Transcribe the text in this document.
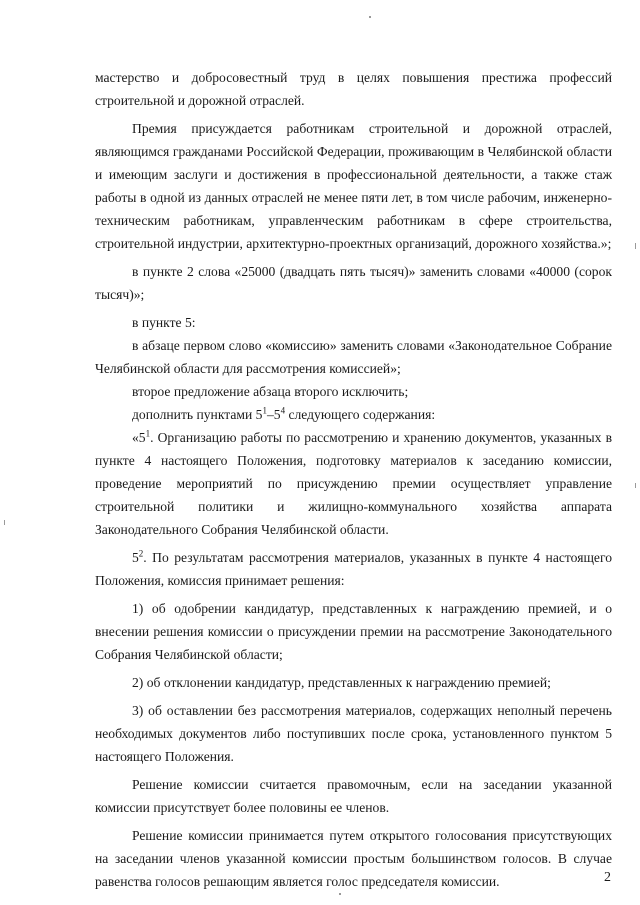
мастерство и добросовестный труд в целях повышения престижа профессий строительной и дорожной отраслей.

Премия присуждается работникам строительной и дорожной отраслей, являющимся гражданами Российской Федерации, проживающим в Челябинской области и имеющим заслуги и достижения в профессиональной деятельности, а также стаж работы в одной из данных отраслей не менее пяти лет, в том числе рабочим, инженерно-техническим работникам, управленческим работникам в сфере строительства, строительной индустрии, архитектурно-проектных организаций, дорожного хозяйства.»;

в пункте 2 слова «25000 (двадцать пять тысяч)» заменить словами «40000 (сорок тысяч)»;

в пункте 5:

в абзаце первом слово «комиссию» заменить словами «Законодательное Собрание Челябинской области для рассмотрения комиссией»;

второе предложение абзаца второго исключить;

дополнить пунктами $5^1-5^4$ следующего содержания:

«$5^1$. Организацию работы по рассмотрению и хранению документов, указанных в пункте 4 настоящего Положения, подготовку материалов к заседанию комиссии, проведение мероприятий по присуждению премии осуществляет управление строительной политики и жилищно-коммунального хозяйства аппарата Законодательного Собрания Челябинской области.

$5^2$. По результатам рассмотрения материалов, указанных в пункте 4 настоящего Положения, комиссия принимает решения:

1) об одобрении кандидатур, представленных к награждению премией, и о внесении решения комиссии о присуждении премии на рассмотрение Законодательного Собрания Челябинской области;

2) об отклонении кандидатур, представленных к награждению премией;

3) об оставлении без рассмотрения материалов, содержащих неполный перечень необходимых документов либо поступивших после срока, установленного пунктом 5 настоящего Положения.

Решение комиссии считается правомочным, если на заседании указанной комиссии присутствует более половины ее членов.

Решение комиссии принимается путем открытого голосования присутствующих на заседании членов указанной комиссии простым большинством голосов. В случае равенства голосов решающим является голос председателя комиссии.	2
